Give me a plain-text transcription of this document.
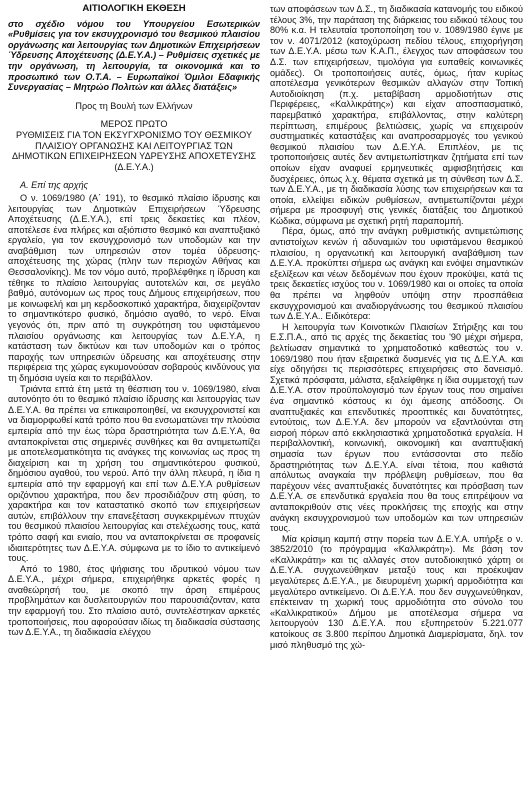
ΑΙΤΙΟΛΟΓΙΚΗ ΕΚΘΕΣΗ
στο σχέδιο νόμου του Υπουργείου Εσωτερικών «Ρυθμίσεις για τον εκσυγχρονισμό του θεσμικού πλαισίου οργάνωσης και λειτουργίας των Δημοτικών Επιχειρήσεων Ύδρευσης Αποχέτευσης (Δ.Ε.Υ.Α.) – Ρυθμίσεις σχετικές με την οργάνωση, τη λειτουργία, τα οικονομικά και το προσωπικό των Ο.Τ.Α. – Ευρωπαϊκοί Όμιλοι Εδαφικής Συνεργασίας – Μητρώο Πολιτών και άλλες διατάξεις»
Προς τη Βουλή των Ελλήνων
ΜΕΡΟΣ ΠΡΩΤΟ
ΡΥΘΜΙΣΕΙΣ ΓΙΑ ΤΟΝ ΕΚΣΥΓΧΡΟΝΙΣΜΟ ΤΟΥ ΘΕΣΜΙΚΟΥ ΠΛΑΙΣΙΟΥ ΟΡΓΑΝΩΣΗΣ ΚΑΙ ΛΕΙΤΟΥΡΓΙΑΣ ΤΩΝ ΔΗΜΟΤΙΚΩΝ ΕΠΙΧΕΙΡΗΣΕΩΝ ΥΔΡΕΥΣΗΣ ΑΠΟΧΕΤΕΥΣΗΣ (Δ.Ε.Υ.Α.)
Α. Επί της αρχής

Ο ν. 1069/1980 (Α΄ 191), το θεσμικό πλαίσιο ίδρυσης και λειτουργίας των Δημοτικών Επιχειρήσεων Ύδρευσης Αποχέτευσης (Δ.Ε.Υ.Α.), επί τρεις δεκαετίες και πλέον, αποτέλεσε ένα πλήρες και αξιόπιστο θεσμικό και αναπτυξιακό εργαλείο, για τον εκσυγχρονισμό των υποδομών και την αναβάθμιση των υπηρεσιών στον τομέα ύδρευσης-αποχέτευσης της χώρας (πλην των περιοχών Αθήνας και Θεσσαλονίκης). Με τον νόμο αυτό, προβλέφθηκε η ίδρυση και τέθηκε το πλαίσιο λειτουργίας αυτοτελών και, σε μεγάλο βαθμό, αυτόνομων ως προς τους Δήμους επιχειρήσεων, που με κοινωφελή και μη κερδοσκοπικό χαρακτήρα, διαχειρίζονταν το σημαντικότερο φυσικό, δημόσιο αγαθό, το νερό. Είναι γεγονός ότι, πριν από τη συγκρότηση του υφιστάμενου πλαισίου οργάνωσης και λειτουργίας των Δ.Ε.Υ.Α, η κατάσταση των δικτύων και των υποδομών και ο τρόπος παροχής των υπηρεσιών ύδρευσης και αποχέτευσης στην περιφέρεια της χώρας εγκυμονούσαν σοβαρούς κινδύνους για τη δημόσια υγεία και το περιβάλλον.

Τριάντα επτά έτη μετά τη θέσπιση του ν. 1069/1980, είναι αυτονόητο ότι το θεσμικό πλαίσιο ίδρυσης και λειτουργίας των Δ.Ε.Υ.Α. θα πρέπει να επικαιροποιηθεί, να εκσυγχρονιστεί και να διαμορφωθεί κατά τρόπο που θα ενσωματώνει την πλούσια εμπειρία από την έως τώρα δραστηριότητα των Δ.Ε.Υ.Α, θα ανταποκρίνεται στις σημερινές συνθήκες και θα αντιμετωπίζει με αποτελεσματικότητα τις ανάγκες της κοινωνίας ως προς τη διαχείριση και τη χρήση του σημαντικότερου φυσικού, δημόσιου αγαθού, του νερού. Από την άλλη πλευρά, η ίδια η εμπειρία από την εφαρμογή και επί των Δ.Ε.Υ.Α ρυθμίσεων οριζόντιου χαρακτήρα, που δεν προσιδιάζουν στη φύση, το χαρακτήρα και τον καταστατικό σκοπό των επιχειρήσεων αυτών, επιβάλλουν την επανεξέταση συγκεκριμένων πτυχών του θεσμικού πλαισίου λειτουργίας και στελέχωσης τους, κατά τρόπο σαφή και ενιαίο, που να ανταποκρίνεται σε προφανείς ιδιαιτερότητες των Δ.Ε.Υ.Α. σύμφωνα με το ίδιο το αντικείμενό τους.

Από το 1980, έτος ψήφισης του ιδρυτικού νόμου των Δ.Ε.Υ.Α., μέχρι σήμερα, επιχειρήθηκε αρκετές φορές η αναθεώρησή του, με σκοπό την άρση επιμέρους προβλημάτων και δυσλειτουργιών που παρουσιάζονταν, κατα την εφαρμογή του. Στο πλαίσιο αυτό, συντελέστηκαν αρκετές τροποποιήσεις, που αφορούσαν ιδίως τη διαδικασία σύστασης των Δ.Ε.Υ.Α., τη διαδικασία ελέγχου

των αποφάσεων των Δ.Σ., τη διαδικασία κατανομής του ειδικού τέλους 3%, την παράταση της διάρκειας του ειδικού τέλους του 80% κ.α. Η τελευταία τροποποίηση του ν. 1089/1980 έγινε με τον ν. 4071/2012 (κατοχύρωση πεδίου τέλους, επιχορήγηση των Δ.Ε.Υ.Α. μέσω των Κ.Α.Π., έλεγχος των αποφάσεων του Δ.Σ. των επιχειρήσεων, τιμολόγια για ευπαθείς κοινωνικές ομάδες). Οι τροποποιήσεις αυτές, όμως, ήταν κυρίως αποτέλεσμα γενικότερων θεσμικών αλλαγών στην Τοπική Αυτοδιοίκηση (π.χ. μεταβίβαση αρμοδιοτήτων στις Περιφέρειες, «Καλλικράτης») και είχαν αποσπασματικό, παρεμβατικό χαρακτήρα, επιβάλλοντας, στην καλύτερη περίπτωση, επιμέρους βελτιώσεις, χωρίς να επιχειρούν συστηματικές καταστάξεις και αναπροσαρμογές του γενικού θεσμικού πλαισίου των Δ.Ε.Υ.Α. Επιπλέον, με τις τροποποιήσεις αυτές δεν αντιμετωπίστηκαν ζητήματα επί των οποίων είχαν αναφυεί ερμηνευτικές αμφισβητήσεις και δυσχέρειες, όπως λ.χ. θέματα σχετικά με τη σύνθεση των Δ.Σ. των Δ.Ε.Υ.Α., με τη διαδικασία λύσης των επιχειρήσεων και τα οποία, ελλείψει ειδικών ρυθμίσεων, αντιμετωπίζονται μέχρι σήμερα με προσφυγή στις γενικές διατάξεις του Δημοτικού Κώδικα, σύμφωνα με σχετική ρητή παραπομπή.

Πέρα, όμως, από την ανάγκη ρυθμιστικής αντιμετώπισης αντιστοίχων κενών ή αδυναμιών του υφιστάμενου θεσμικού πλαισίου, η οργανωτική και λειτουργική αναβάθμιση των Δ.Ε.Υ.Α. προκύπτει σήμερα ως ανάγκη και ενόψει σημαντικών εξελίξεων και νέων δεδομένων που έχουν προκύψει, κατά τις τρεις δεκαετίες ισχύος του ν. 1069/1980 και οι οποίες τα οποία θα πρέπει να ληφθούν υπόψη στην προσπάθεια εκσυγχρονισμού και αναδιοργάνωσης του θεσμικού πλαισίου των Δ.Ε.Υ.Α.. Ειδικότερα:

Η λειτουργία των Κοινοτικών Πλαισίων Στήριξης και του Ε.Σ.Π.Α., από τις αρχές της δεκαετίας του '90 μέχρι σήμερα, βελτίωσαν σημαντικά το χρηματοδοτικό καθεστώς του ν. 1069/1980 που ήταν εξαιρετικά δυσμενές για τις Δ.Ε.Υ.Α. και είχε οδηγήσει τις περισσότερες επιχειρήσεις στο δανεισμό. Σχετικά πρόσφατα, μάλιστα, εξαλείφθηκε η ίδια συμμετοχή των Δ.Ε.Υ.Α. στον προϋπολογισμό των έργων τους που σημαίνει ένα σημαντικό κόστους κι όχι άμεσης απόδοσης. Οι αναπτυξιακές και επενδυτικές προοπτικές και δυνατότητες, εντούτοις, των Δ.Ε.Υ.Α. δεν μπορούν να εξαντλούνται στη εισροή πόρων από εκκλησιαστικά χρηματοδοτικά εργαλεία. Η περιβαλλοντική, κοινωνική, οικονομική και αναπτυξιακή σημασία των έργων που εντάσσονται στο πεδίο δραστηριότητας των Δ.Ε.Υ.Α. είναι τέτοια, που καθιστά απόλυτως αναγκαία την πρόβλεψη ρυθμίσεων, που θα παρέχουν νέες αναπτυξιακές δυνατότητες και πρόσβαση των Δ.Ε.Υ.Α. σε επενδυτικά εργαλεία που θα τους επιτρέψουν να ανταποκριθούν στις νέες προκλήσεις της εποχής και στην ανάγκη εκσυγχρονισμού των υποδομών και των υπηρεσιών τους.

Μία κρίσιμη καμπή στην πορεία των Δ.Ε.Υ.Α. υπήρξε ο ν. 3852/2010 (το πρόγραμμα «Καλλικράτη»). Με βάση τον «Καλλικράτη» και τις αλλαγές στον αυτοδιοικητικό χάρτη οι Δ.Ε.Υ.Α. συγχωνεύθηκαν μεταξύ τους και προέκυψαν μεγαλύτερες Δ.Ε.Υ.Α., με διευρυμένη χωρική αρμοδιότητα και μεγαλύτερο αντικείμενο. Οι Δ.Ε.Υ.Α. που δεν συγχωνεύθηκαν, επέκτειναν τη χωρική τους αρμοδιότητα στο σύνολο του «Καλλικρατικού» Δήμου με αποτέλεσμα σήμερα να λειτουργούν 130 Δ.Ε.Υ.Α. που εξυπηρετούν 5.221.077 κατοίκους σε 3.800 περίπου Δημοτικά Διαμερίσματα, δηλ. τον μισό πληθυσμό της χώ-
